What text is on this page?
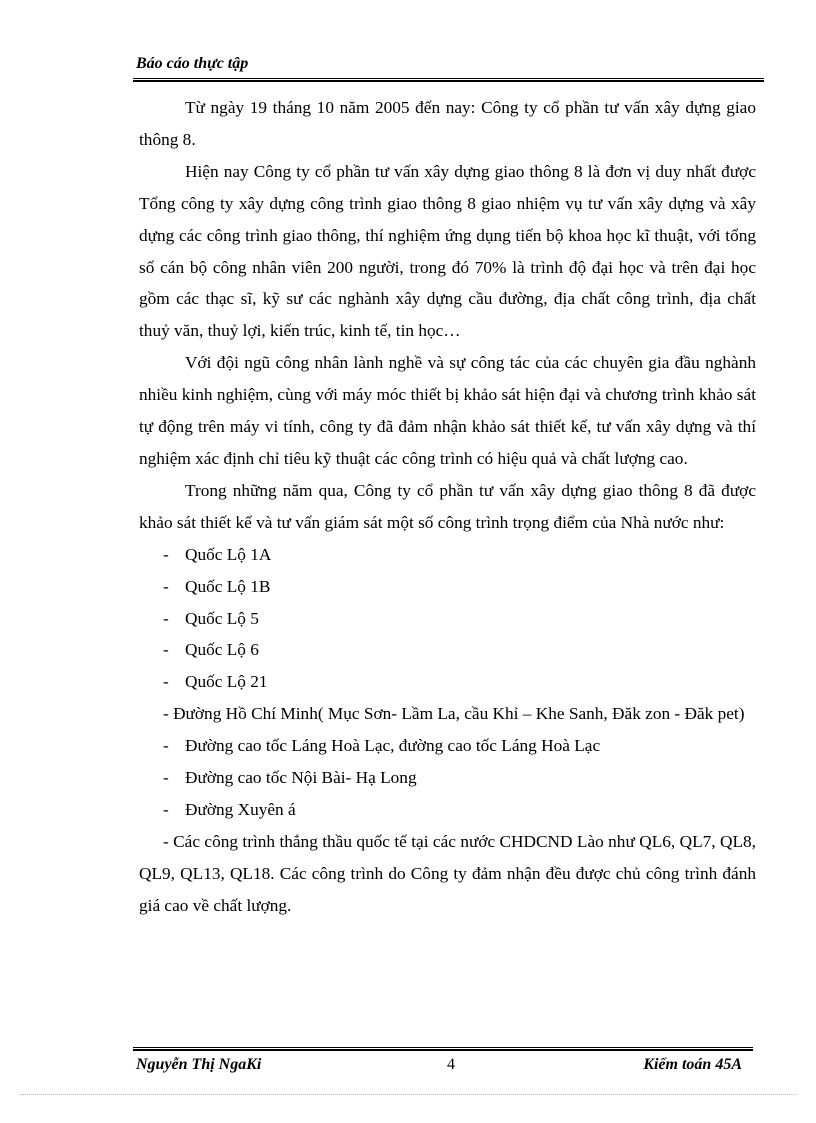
Báo cáo thực tập

Từ ngày 19 tháng 10 năm 2005 đến nay: Công ty cổ phần tư vấn xây dựng giao thông 8.

Hiện nay Công ty cổ phần tư vấn xây dựng giao thông 8 là đơn vị duy nhất được Tổng công ty xây dựng công trình giao thông 8 giao nhiệm vụ tư vấn xây dựng và xây dựng các công trình giao thông, thí nghiệm ứng dụng tiến bộ khoa học kĩ thuật, với tổng số cán bộ công nhân viên 200 người, trong đó 70% là trình độ đại học và trên đại học gồm các thạc sĩ, kỹ sư các nghành xây dựng cầu đường, địa chất công trình, địa chất thuỷ văn, thuỷ lợi, kiến trúc, kinh tế, tin học…

Với đội ngũ công nhân lành nghề và sự công tác của các chuyên gia đầu nghành nhiều kinh nghiệm, cùng với máy móc thiết bị khảo sát hiện đại và chương trình khảo sát tự động trên máy vi tính, công ty đã đảm nhận khảo sát thiết kế, tư vấn xây dựng và thí nghiệm xác định chỉ tiêu kỹ thuật các công trình có hiệu quả và chất lượng cao.

Trong những năm qua, Công ty cổ phần tư vấn xây dựng giao thông 8 đã được khảo sát thiết kế và tư vấn giám sát một số công trình trọng điểm của Nhà nước như:

- Quốc Lộ 1A

- Quốc Lộ 1B

- Quốc Lộ 5

- Quốc Lộ 6

- Quốc Lộ 21

- Đường Hồ Chí Minh( Mục Sơn- Lầm La, cầu Khỉ – Khe Sanh, Đăk zon - Đăk pet)

- Đường cao tốc Láng Hoà Lạc, đường cao tốc Láng Hoà Lạc

- Đường cao tốc Nội Bài- Hạ Long

- Đường Xuyên á

- Các công trình thắng thầu quốc tế tại các nước CHDCND Lào như QL6, QL7, QL8, QL9, QL13, QL18. Các công trình do Công ty đảm nhận đều được chủ công trình đánh giá cao về chất lượng.

Nguyễn Thị NgaKi	4	Kiểm toán 45A
